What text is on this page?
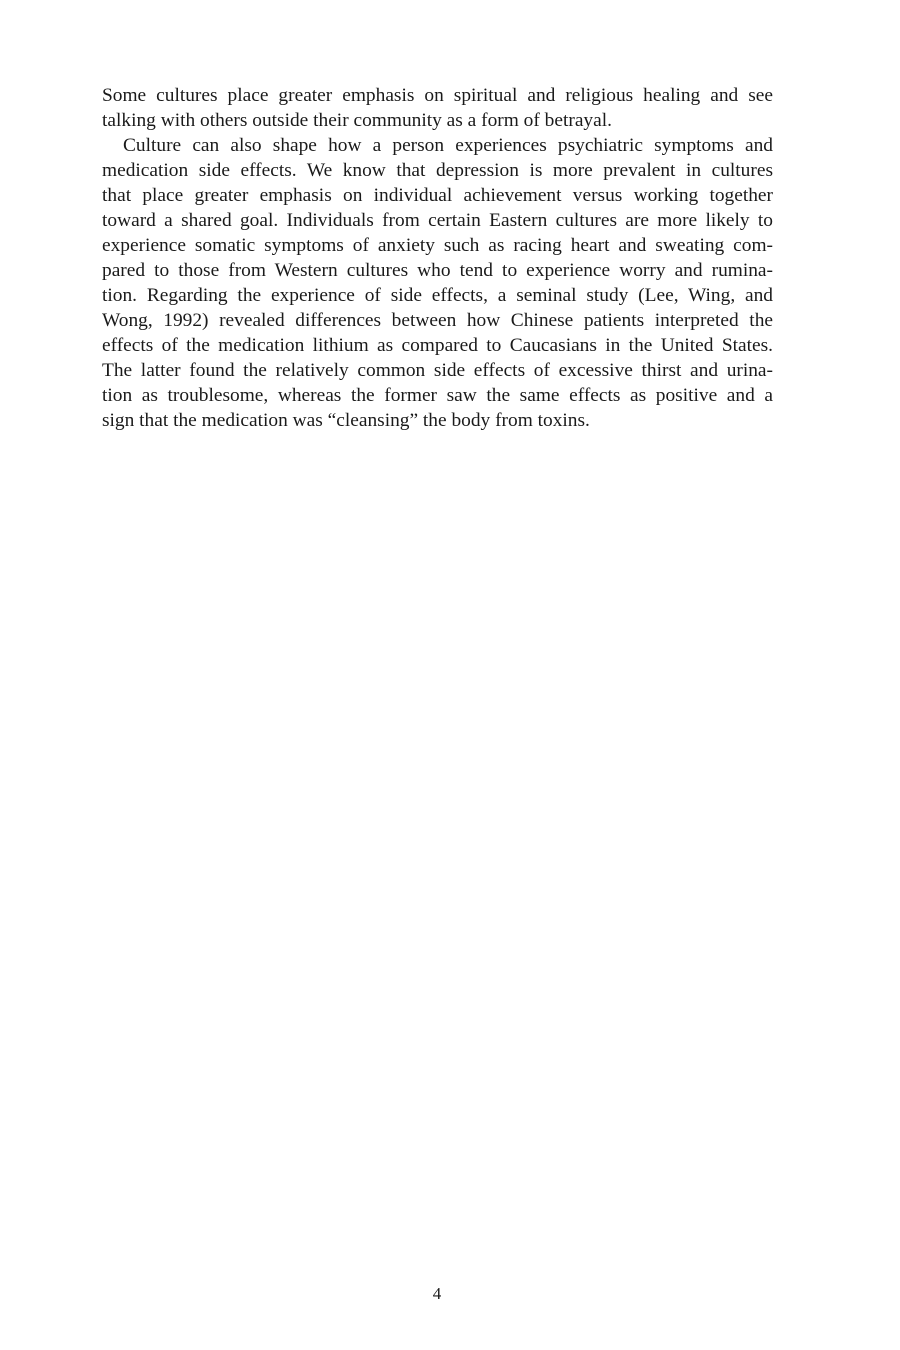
Some cultures place greater emphasis on spiritual and religious healing and see
talking with others outside their community as a form of betrayal.
Culture can also shape how a person experiences psychiatric symptoms and
medication side effects. We know that depression is more prevalent in cultures
that place greater emphasis on individual achievement versus working together
toward a shared goal. Individuals from certain Eastern cultures are more likely to
experience somatic symptoms of anxiety such as racing heart and sweating com-
pared to those from Western cultures who tend to experience worry and rumina-
tion. Regarding the experience of side effects, a seminal study (Lee, Wing, and
Wong, 1992) revealed differences between how Chinese patients interpreted the
effects of the medication lithium as compared to Caucasians in the United States.
The latter found the relatively common side effects of excessive thirst and urina-
tion as troublesome, whereas the former saw the same effects as positive and a
sign that the medication was “cleansing” the body from toxins.
4
